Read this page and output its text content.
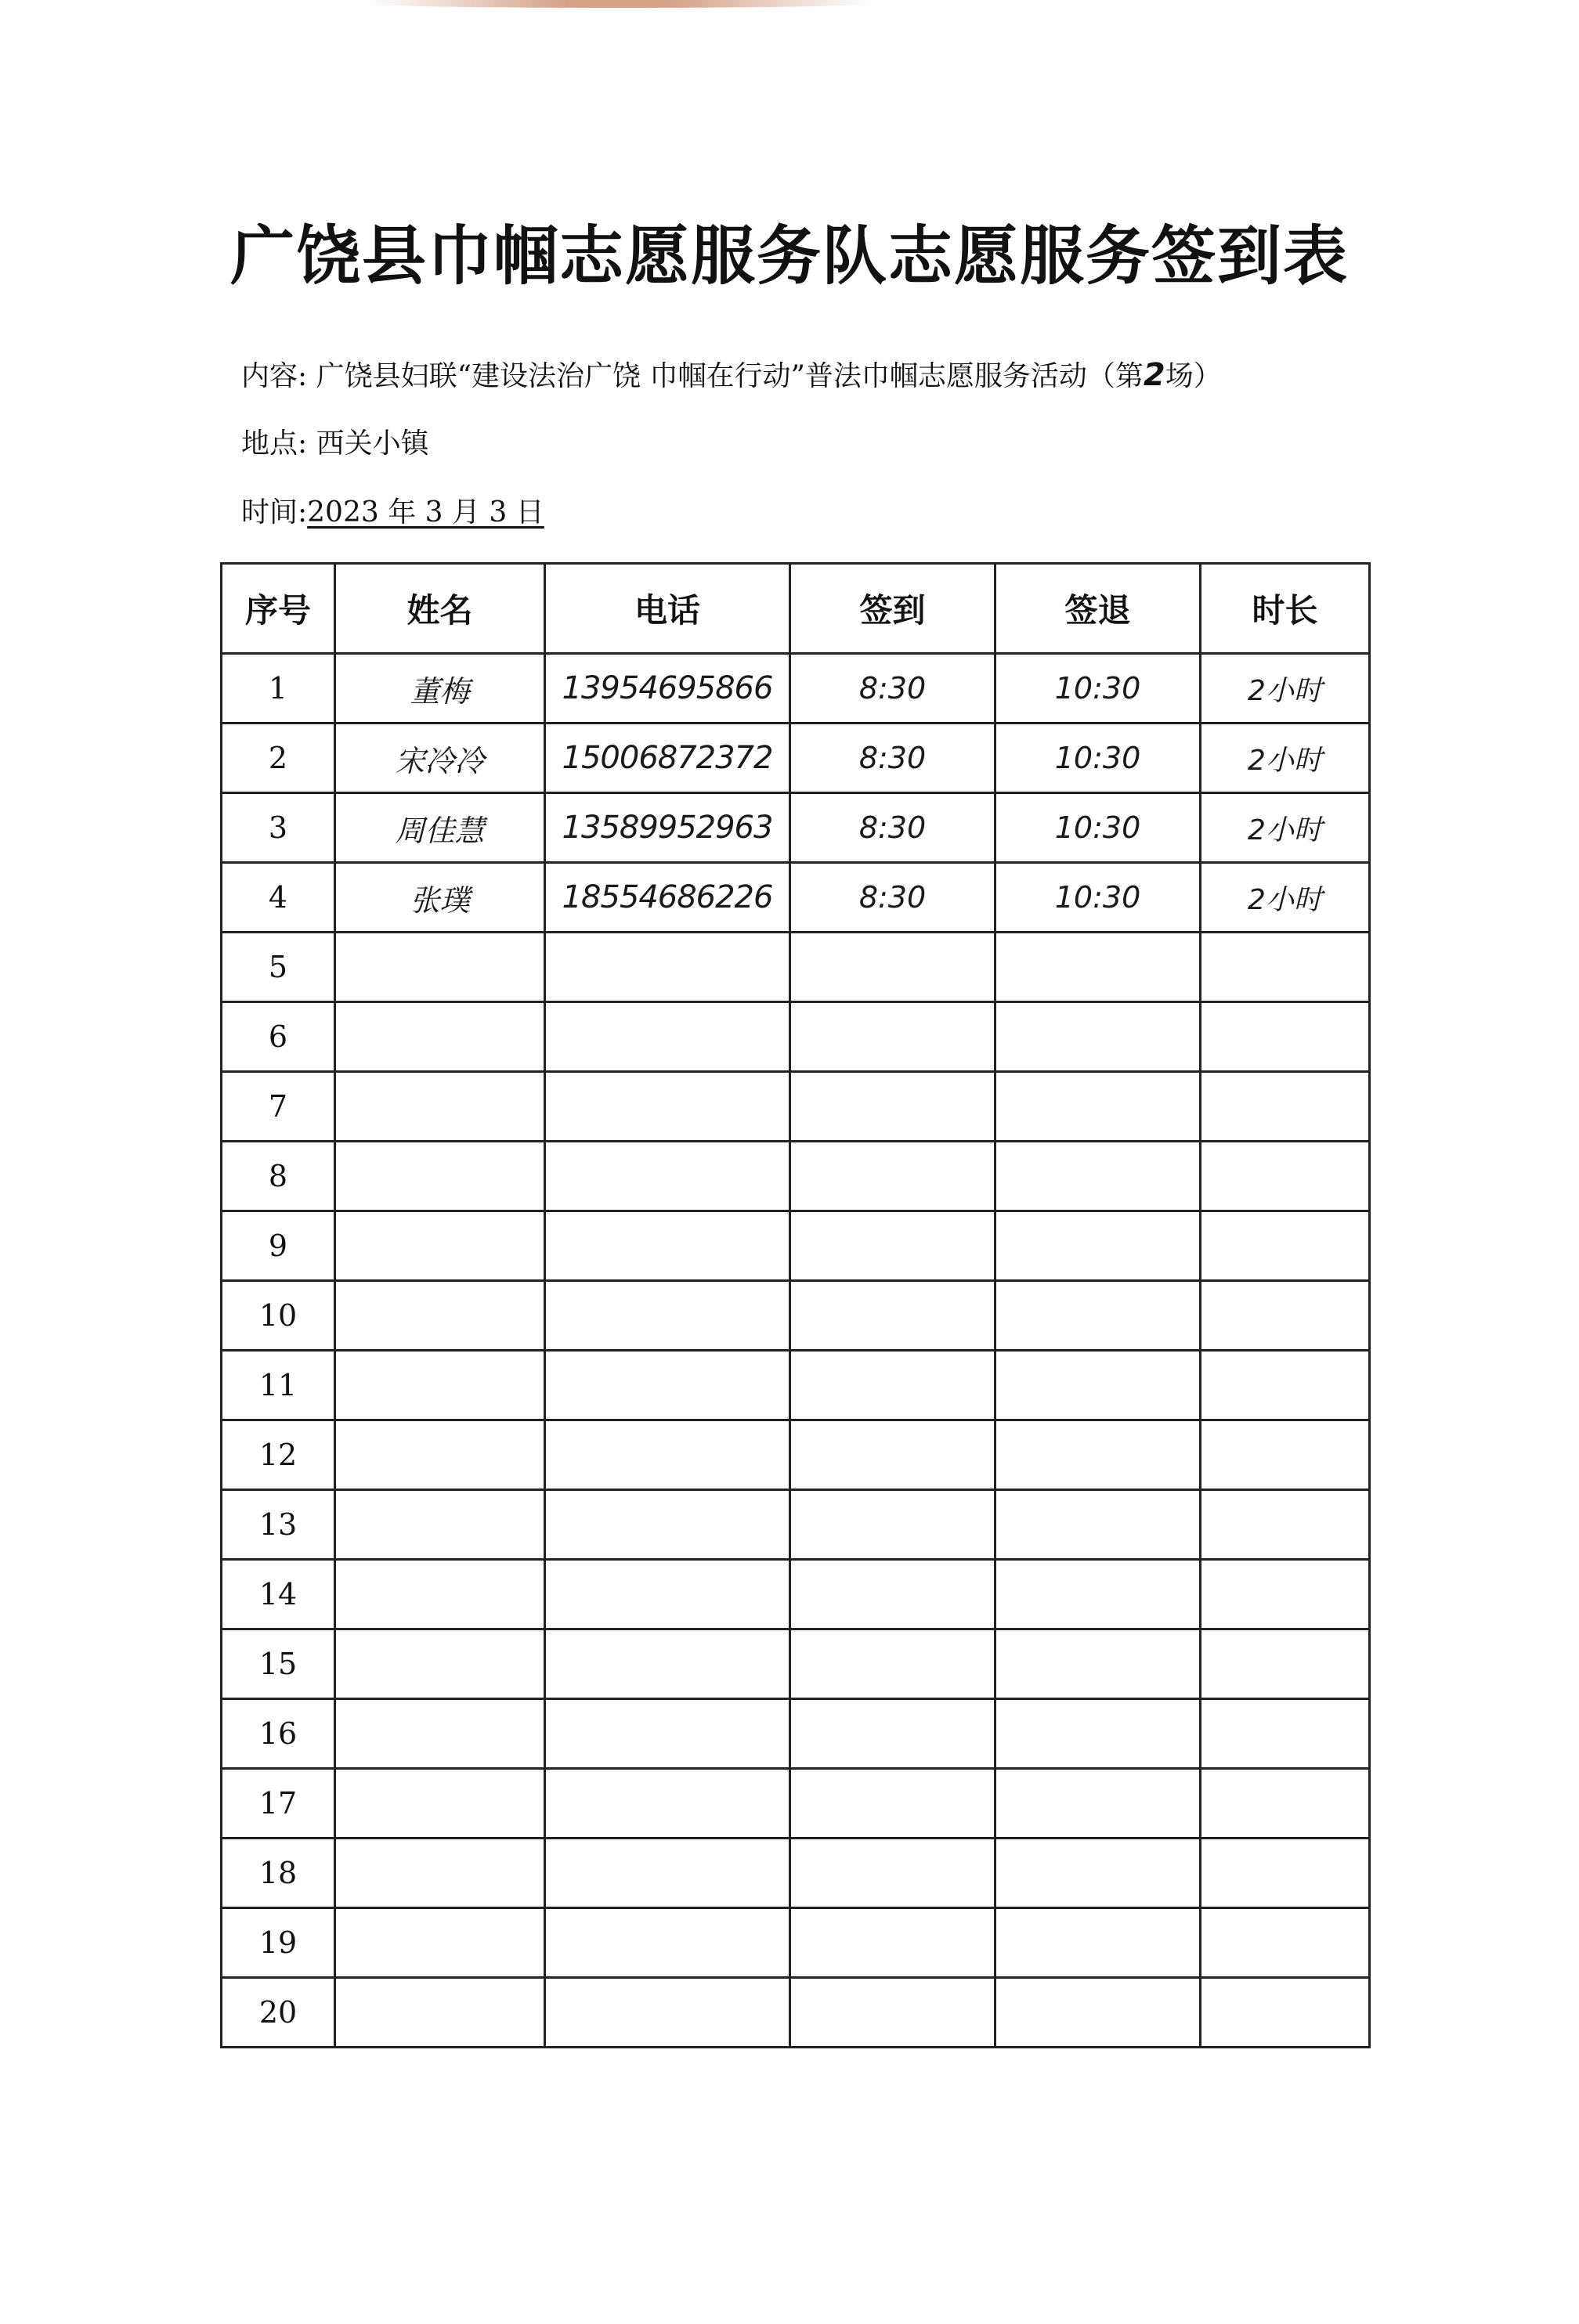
广饶县巾帼志愿服务队志愿服务签到表
内容: 广饶县妇联“建设法治广饶 巾帼在行动”普法巾帼志愿服务活动（第2场）
地点: 西关小镇
时间:2023 年 3 月 3 日
序号	姓名	电话	签到	签退	时长
1	董梅	13954695866	8:30	10:30	2小时
2	宋冷冷	15006872372	8:30	10:30	2小时
3	周佳慧	13589952963	8:30	10:30	2小时
4	张璞	18554686226	8:30	10:30	2小时
5					
6					
7					
8					
9					
10					
11					
12					
13					
14					
15					
16					
17					
18					
19					
20					
